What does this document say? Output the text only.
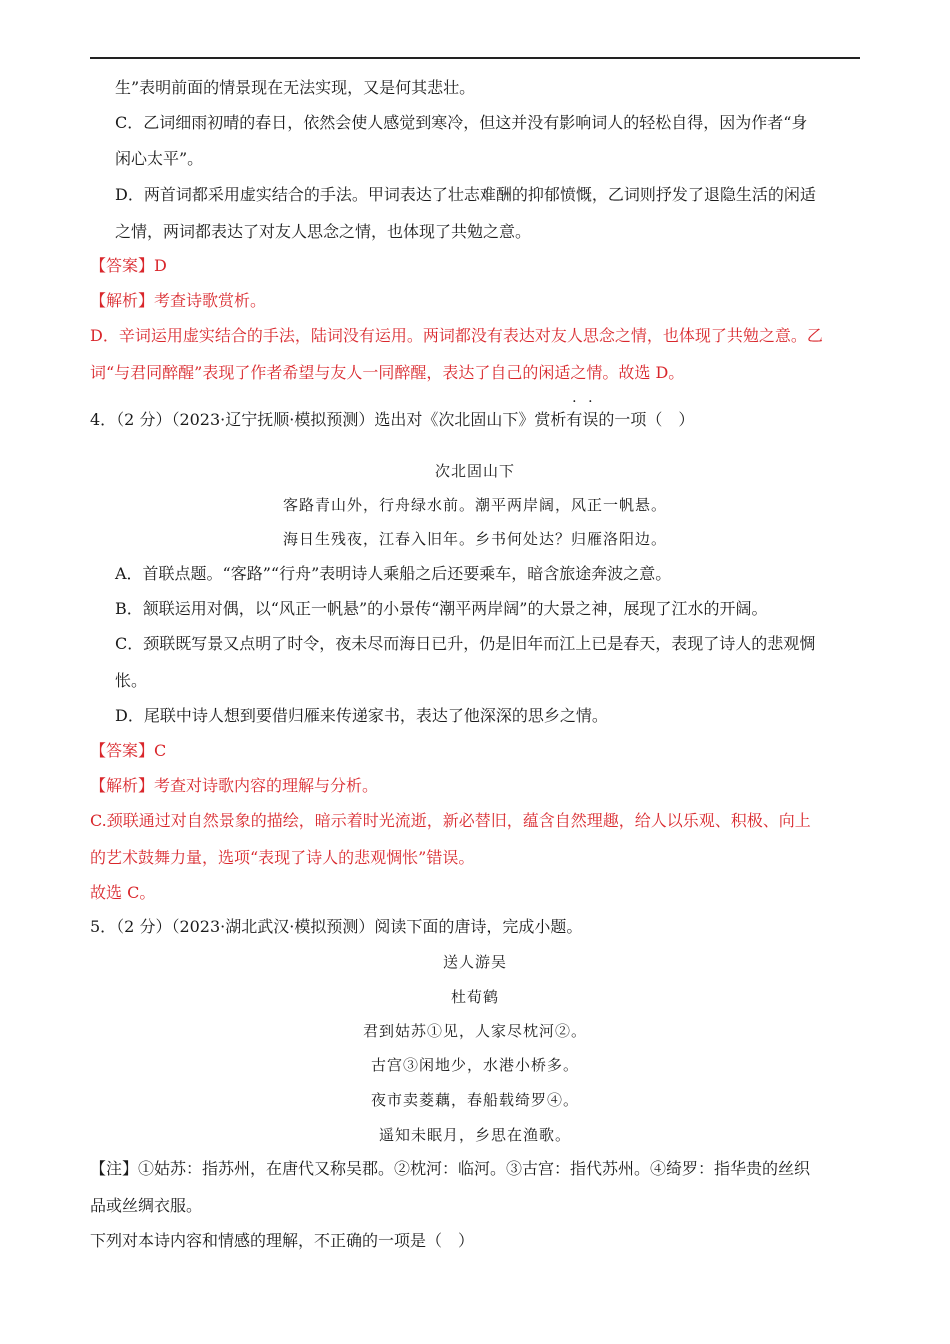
生”表明前面的情景现在无法实现，又是何其悲壮。
C．乙词细雨初晴的春日，依然会使人感觉到寒冷，但这并没有影响词人的轻松自得，因为作者“身
闲心太平”。
D．两首词都采用虚实结合的手法。甲词表达了壮志难酬的抑郁愤慨，乙词则抒发了退隐生活的闲适
之情，两词都表达了对友人思念之情，也体现了共勉之意。
【答案】D
【解析】考查诗歌赏析。
D．辛词运用虚实结合的手法，陆词没有运用。两词都没有表达对友人思念之情，也体现了共勉之意。乙
词“与君同醉醒”表现了作者希望与友人一同醉醒，表达了自己的闲适之情。故选 D。
4．（2 分）（2023·辽宁抚顺·模拟预测）选出对《次北固山下》赏析有误的一项（　）
次北固山下
客路青山外，行舟绿水前。潮平两岸阔，风正一帆悬。
海日生残夜，江春入旧年。乡书何处达？归雁洛阳边。
A．首联点题。“客路”“行舟”表明诗人乘船之后还要乘车，暗含旅途奔波之意。
B．颔联运用对偶，以“风正一帆悬”的小景传“潮平两岸阔”的大景之神，展现了江水的开阔。
C．颈联既写景又点明了时令，夜未尽而海日已升，仍是旧年而江上已是春天，表现了诗人的悲观惆
怅。
D．尾联中诗人想到要借归雁来传递家书，表达了他深深的思乡之情。
【答案】C
【解析】考查对诗歌内容的理解与分析。
C.颈联通过对自然景象的描绘，暗示着时光流逝，新必替旧，蕴含自然理趣，给人以乐观、积极、向上
的艺术鼓舞力量，选项“表现了诗人的悲观惆怅”错误。
故选 C。
5．（2 分）（2023·湖北武汉·模拟预测）阅读下面的唐诗，完成小题。
送人游吴
杜荀鹤
君到姑苏①见，人家尽枕河②。
古宫③闲地少，水港小桥多。
夜市卖菱藕，春船载绮罗④。
遥知未眠月，乡思在渔歌。
【注】①姑苏：指苏州，在唐代又称吴郡。②枕河：临河。③古宫：指代苏州。④绮罗：指华贵的丝织
品或丝绸衣服。
下列对本诗内容和情感的理解，不正确的一项是（　）
